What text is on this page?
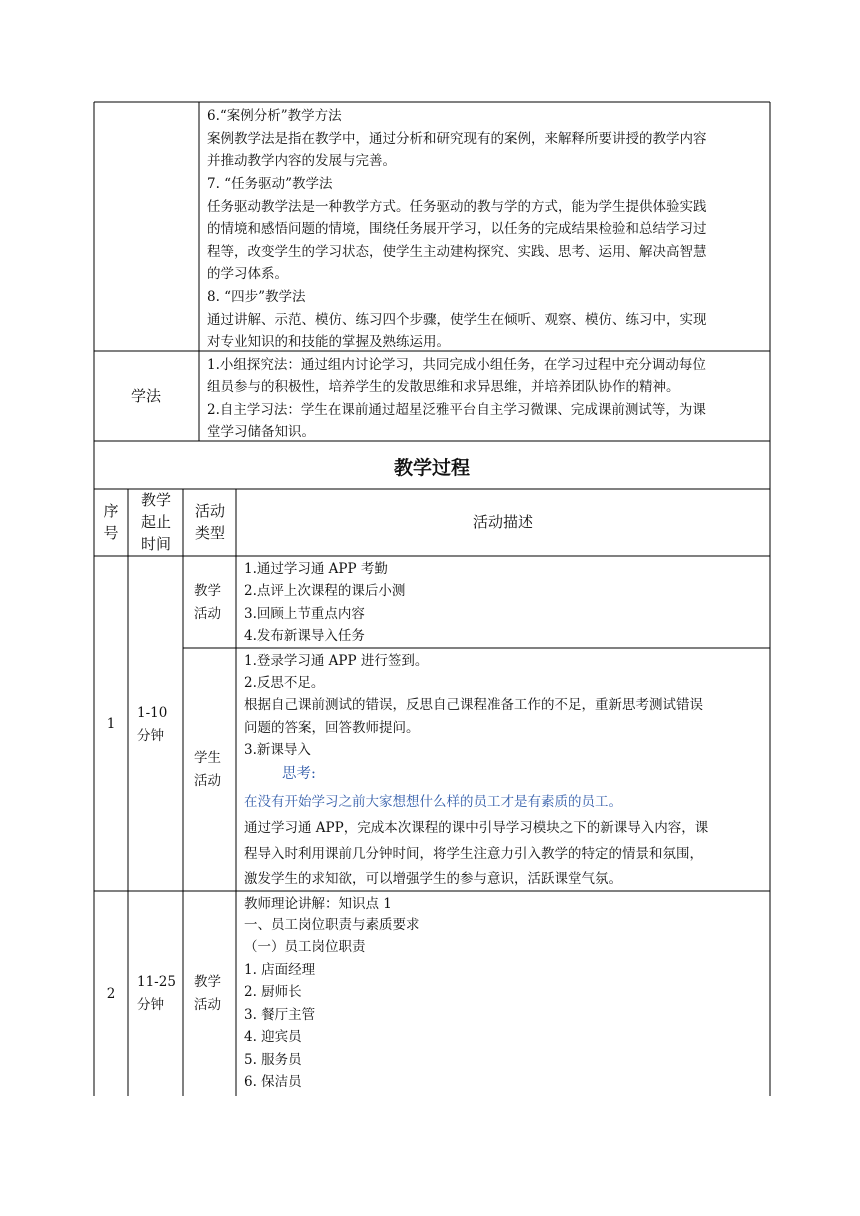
6.“案例分析”教学方法
案例教学法是指在教学中，通过分析和研究现有的案例，来解释所要讲授的教学内容
并推动教学内容的发展与完善。
7. “任务驱动”教学法
任务驱动教学法是一种教学方式。任务驱动的教与学的方式，能为学生提供体验实践
的情境和感悟问题的情境，围绕任务展开学习，以任务的完成结果检验和总结学习过
程等，改变学生的学习状态，使学生主动建构探究、实践、思考、运用、解决高智慧
的学习体系。
8. “四步”教学法
通过讲解、示范、模仿、练习四个步骤，使学生在倾听、观察、模仿、练习中，实现
对专业知识的和技能的掌握及熟练运用。
学法
1.小组探究法：通过组内讨论学习，共同完成小组任务，在学习过程中充分调动每位
组员参与的积极性，培养学生的发散思维和求异思维，并培养团队协作的精神。
2.自主学习法：学生在课前通过超星泛雅平台自主学习微课、完成课前测试等，为课
堂学习储备知识。
教学过程
序
号
教学
起止
时间
活动
类型
活动描述
1
1-10
分钟
教学
活动
1.通过学习通 APP 考勤
2.点评上次课程的课后小测
3.回顾上节重点内容
4.发布新课导入任务
学生
活动
1.登录学习通 APP 进行签到。
2.反思不足。
根据自己课前测试的错误，反思自己课程准备工作的不足，重新思考测试错误
问题的答案，回答教师提问。
3.新课导入
思考:
在没有开始学习之前大家想想什么样的员工才是有素质的员工。
通过学习通 APP，完成本次课程的课中引导学习模块之下的新课导入内容，课
程导入时利用课前几分钟时间，将学生注意力引入教学的特定的情景和氛围，
激发学生的求知欲，可以增强学生的参与意识，活跃课堂气氛。
2
11-25
分钟
教学
活动
教师理论讲解：知识点 1
一、员工岗位职责与素质要求
（一）员工岗位职责
1. 店面经理
2. 厨师长
3. 餐厅主管
4. 迎宾员
5. 服务员
6. 保洁员
